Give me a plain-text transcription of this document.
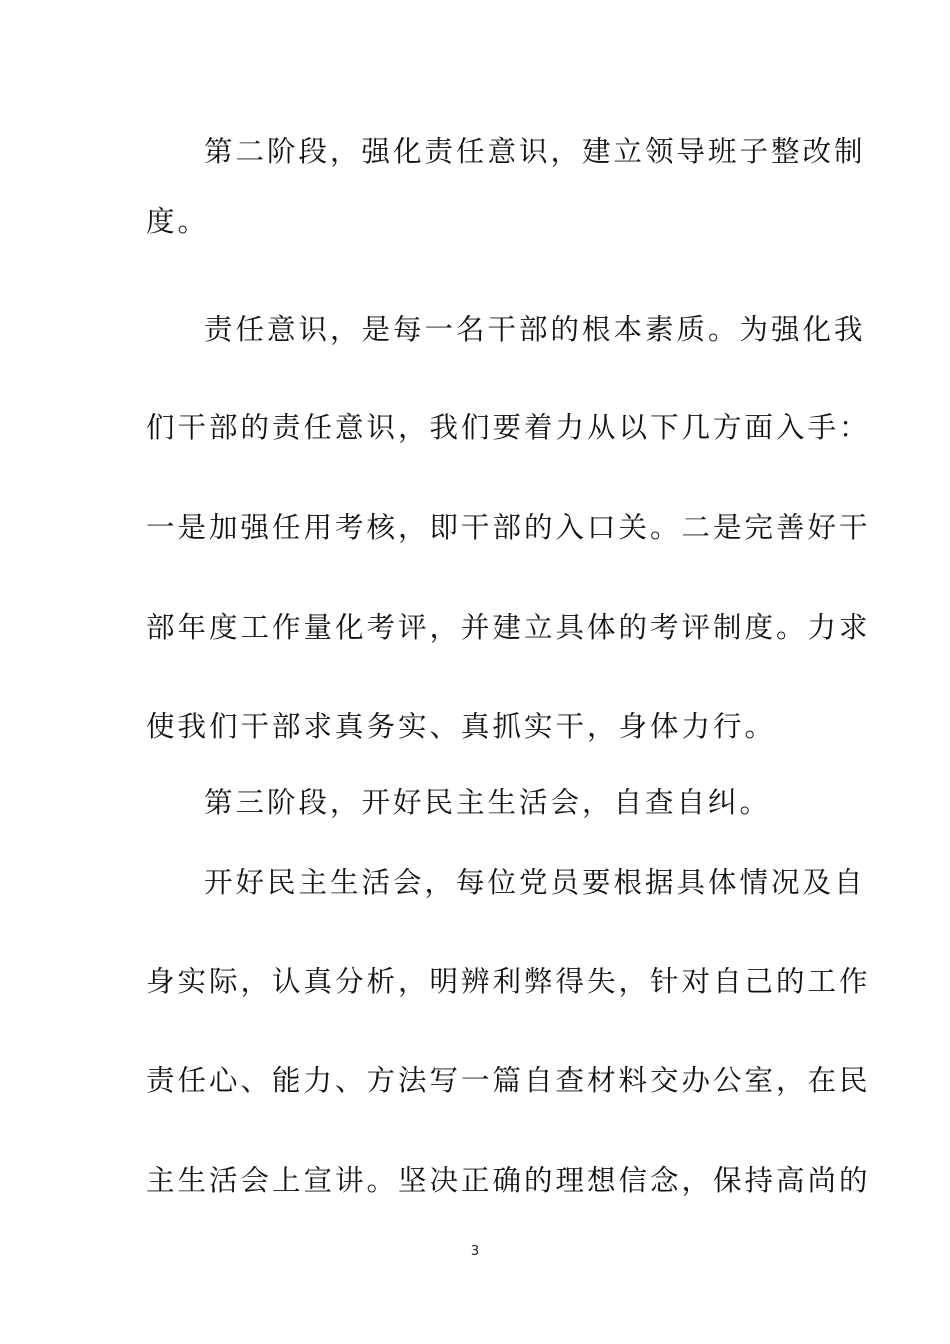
第二阶段，强化责任意识，建立领导班子整改制
度。
责任意识，是每一名干部的根本素质。为强化我
们干部的责任意识，我们要着力从以下几方面入手：
一是加强任用考核，即干部的入口关。二是完善好干
部年度工作量化考评，并建立具体的考评制度。力求
使我们干部求真务实、真抓实干，身体力行。
第三阶段，开好民主生活会，自查自纠。
开好民主生活会，每位党员要根据具体情况及自
身实际，认真分析，明辨利弊得失，针对自己的工作
责任心、能力、方法写一篇自查材料交办公室，在民
主生活会上宣讲。坚决正确的理想信念，保持高尚的
3
